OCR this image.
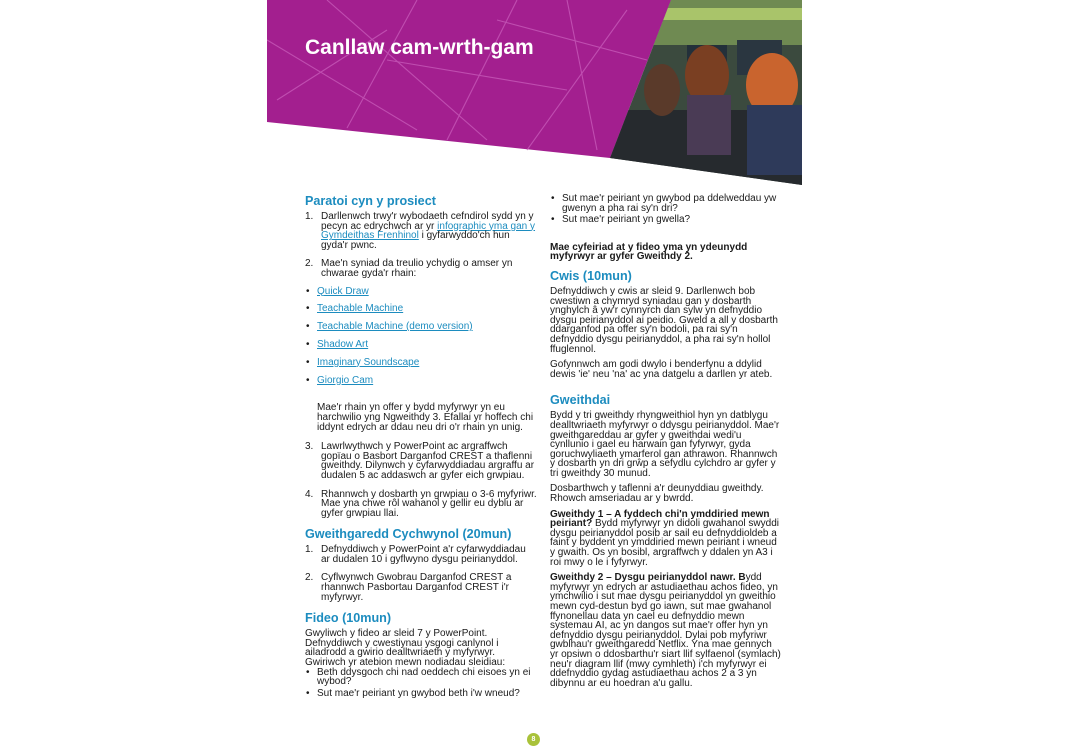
Canllaw cam-wrth-gam
Paratoi cyn y prosiect
1. Darllenwch trwy'r wybodaeth cefndirol sydd yn y pecyn ac edrychwch ar yr infographic yma gan y Gymdeithas Frenhinol i gyfarwyddo'ch hun gyda'r pwnc.
2. Mae'n syniad da treulio ychydig o amser yn chwarae gyda'r rhain:
• Quick Draw
• Teachable Machine
• Teachable Machine (demo version)
• Shadow Art
• Imaginary Soundscape
• Giorgio Cam

Mae'r rhain yn offer y bydd myfyrwyr yn eu harchwilio yng Ngweithdy 3. Efallai yr hoffech chi iddynt edrych ar ddau neu dri o'r rhain yn unig.

3. Lawrlwythwch y PowerPoint ac argraffwch gopïau o Basbort Darganfod CREST a thaflenni gweithdy. Dilynwch y cyfarwyddiadau argraffu ar dudalen 5 ac addaswch ar gyfer eich grwpiau.
4. Rhannwch y dosbarth yn grwpiau o 3-6 myfyriwr. Mae yna chwe rôl wahanol y gellir eu dyblu ar gyfer grwpiau llai.
Gweithgaredd Cychwynol (20mun)
1. Defnyddiwch y PowerPoint a'r cyfarwyddiadau ar dudalen 10 i gyflwyno dysgu peirianyddol.
2. Cyflwynwch Gwobrau Darganfod CREST a rhannwch Pasbortau Darganfod CREST i'r myfyrwyr.
Fideo (10mun)

Gwyliwch y fideo ar sleid 7 y PowerPoint. Defnyddiwch y cwestiynau ysgogi canlynol i ailadrodd a gwirio dealltwriaeth y myfyrwyr. Gwiriwch yr atebion mewn nodiadau sleidiau:

• Beth ddysgoch chi nad oeddech chi eisoes yn ei wybod?
• Sut mae'r peiriant yn gwybod beth i'w wneud?
• Sut mae'r peiriant yn gwybod pa ddelweddau yw gwenyn a pha rai sy'n dri?
• Sut mae'r peiriant yn gwella?

Mae cyfeiriad at y fideo yma yn ydeunydd myfyrwyr ar gyfer Gweithdy 2.

Cwis (10mun)

Defnyddiwch y cwis ar sleid 9. Darllenwch bob cwestiwn a chymryd syniadau gan y dosbarth ynghylch â yw'r cynnyrch dan sylw yn defnyddio dysgu peirianyddol ai peidio. Gweld a all y dosbarth ddarganfod pa offer sy'n bodoli, pa rai sy'n defnyddio dysgu peirianyddol, a pha rai sy'n hollol ffuglennol.

Gofynnwch am godi dwylo i benderfynu a ddylid dewis 'ie' neu 'na' ac yna datgelu a darllen yr ateb.

Gweithdai

Bydd y tri gweithdy rhyngweithiol hyn yn datblygu dealltwriaeth myfyrwyr o ddysgu peirianyddol. Mae'r gweithgareddau ar gyfer y gweithdai wedi'u cynllunio i gael eu harwain gan fyfyrwyr, gyda goruchwyliaeth ymarferol gan athrawon. Rhannwch y dosbarth yn dri grŵp a sefydlu cylchdro ar gyfer y tri gweithdy 30 munud.

Dosbarthwch y taflenni a'r deunyddiau gweithdy. Rhowch amseriadau ar y bwrdd.

Gweithdy 1 – A fyddech chi'n ymddiried mewn peiriant? Bydd myfyrwyr yn didoli gwahanol swyddi dysgu peirianyddol posib ar sail eu defnyddioldeb a faint y byddent yn ymddiried mewn peiriant i wneud y gwaith. Os yn bosibl, argraffwch y ddalen yn A3 i roi mwy o le i fyfyrwyr.

Gweithdy 2 – Dysgu peirianyddol nawr. Bydd myfyrwyr yn edrych ar astudiaethau achos fideo, yn ymchwilio i sut mae dysgu peirianyddol yn gweithio mewn cyd-destun byd go iawn, sut mae gwahanol ffynonellau data yn cael eu defnyddio mewn systemau AI, ac yn dangos sut mae'r offer hyn yn defnyddio dysgu peirianyddol. Dylai pob myfyriwr gwblhau'r gweithgaredd Netflix. Yna mae gennych yr opsiwn o ddosbarthu'r siart llif sylfaenol (symlach) neu'r diagram llif (mwy cymhleth) i'ch myfyrwyr ei ddefnyddio gydag astudiaethau achos 2 a 3 yn dibynnu ar eu hoedran a'u gallu.

8
